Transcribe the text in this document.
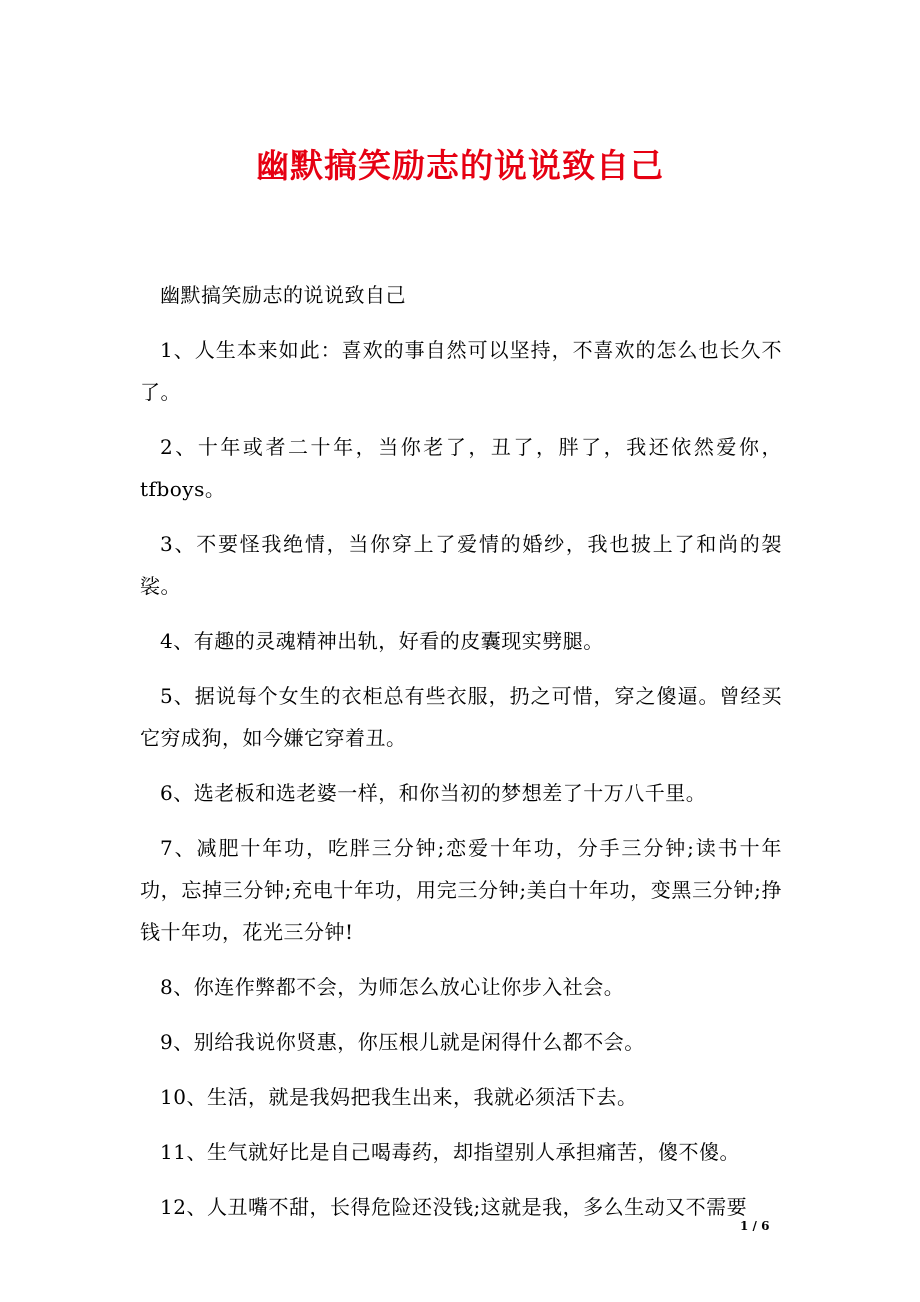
幽默搞笑励志的说说致自己

幽默搞笑励志的说说致自己

1、人生本来如此：喜欢的事自然可以坚持，不喜欢的怎么也长久不了。

2、十年或者二十年，当你老了，丑了，胖了，我还依然爱你，tfboys。

3、不要怪我绝情，当你穿上了爱情的婚纱，我也披上了和尚的袈裟。

4、有趣的灵魂精神出轨，好看的皮囊现实劈腿。

5、据说每个女生的衣柜总有些衣服，扔之可惜，穿之傻逼。曾经买它穷成狗，如今嫌它穿着丑。

6、选老板和选老婆一样，和你当初的梦想差了十万八千里。

7、减肥十年功，吃胖三分钟;恋爱十年功，分手三分钟;读书十年功，忘掉三分钟;充电十年功，用完三分钟;美白十年功，变黑三分钟;挣钱十年功，花光三分钟!

8、你连作弊都不会，为师怎么放心让你步入社会。

9、别给我说你贤惠，你压根儿就是闲得什么都不会。

10、生活，就是我妈把我生出来，我就必须活下去。

11、生气就好比是自己喝毒药，却指望别人承担痛苦，傻不傻。

12、人丑嘴不甜，长得危险还没钱;这就是我，多么生动又不需要

1 / 6
